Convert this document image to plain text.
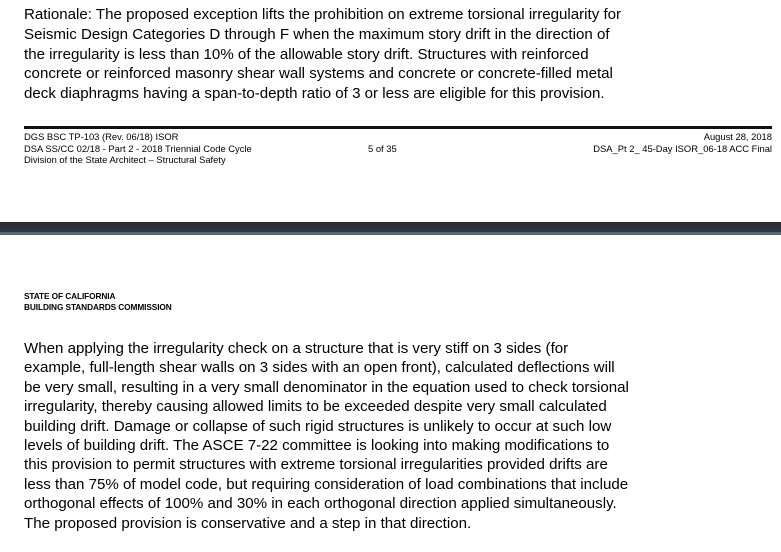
Rationale: The proposed exception lifts the prohibition on extreme torsional irregularity for
Seismic Design Categories D through F when the maximum story drift in the direction of
the irregularity is less than 10% of the allowable story drift. Structures with reinforced
concrete or reinforced masonry shear wall systems and concrete or concrete-filled metal
deck diaphragms having a span-to-depth ratio of 3 or less are eligible for this provision.

DGS BSC TP-103 (Rev. 06/18) ISOR
DSA SS/CC 02/18 - Part 2 - 2018 Triennial Code Cycle
Division of the State Architect – Structural Safety
5 of 35
August 28, 2018
DSA_Pt 2_ 45-Day ISOR_06-18 ACC Final
STATE OF CALIFORNIA
BUILDING STANDARDS COMMISSION

When applying the irregularity check on a structure that is very stiff on 3 sides (for
example, full-length shear walls on 3 sides with an open front), calculated deflections will
be very small, resulting in a very small denominator in the equation used to check torsional
irregularity, thereby causing allowed limits to be exceeded despite very small calculated
building drift. Damage or collapse of such rigid structures is unlikely to occur at such low
levels of building drift. The ASCE 7-22 committee is looking into making modifications to
this provision to permit structures with extreme torsional irregularities provided drifts are
less than 75% of model code, but requiring consideration of load combinations that include
orthogonal effects of 100% and 30% in each orthogonal direction applied simultaneously.
The proposed provision is conservative and a step in that direction.
